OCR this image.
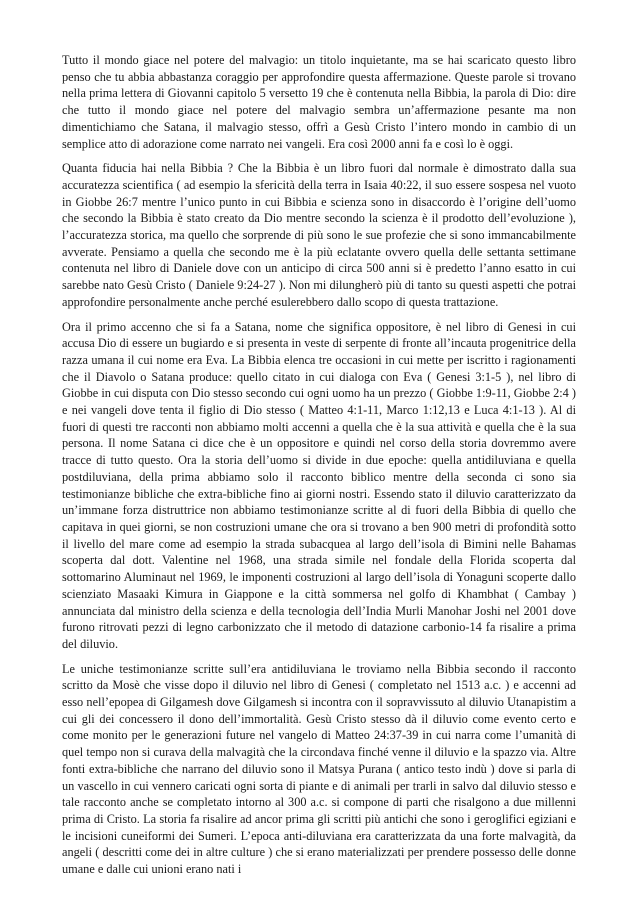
Tutto il mondo giace nel potere del malvagio: un titolo inquietante, ma se hai scaricato questo libro penso che tu abbia abbastanza coraggio per approfondire questa affermazione. Queste parole si trovano nella prima lettera di Giovanni capitolo 5 versetto 19 che è contenuta nella Bibbia, la parola di Dio: dire che tutto il mondo giace nel potere del malvagio sembra un’affermazione pesante ma non dimentichiamo che Satana, il malvagio stesso, offrì a Gesù Cristo l’intero mondo in cambio di un semplice atto di adorazione come narrato nei vangeli. Era così 2000 anni fa e così lo è oggi.

Quanta fiducia hai nella Bibbia ? Che la Bibbia è un libro fuori dal normale è dimostrato dalla sua accuratezza scientifica ( ad esempio la sfericità della terra in Isaia 40:22, il suo essere sospesa nel vuoto in Giobbe 26:7 mentre l’unico punto in cui Bibbia e scienza sono in disaccordo è l’origine dell’uomo che secondo la Bibbia è stato creato da Dio mentre secondo la scienza è il prodotto dell’evoluzione ), l’accuratezza storica, ma quello che sorprende di più sono le sue profezie che si sono immancabilmente avverate. Pensiamo a quella che secondo me è la più eclatante ovvero quella delle settanta settimane contenuta nel libro di Daniele dove con un anticipo di circa 500 anni si è predetto l’anno esatto in cui sarebbe nato Gesù Cristo ( Daniele 9:24-27 ). Non mi dilungherò più di tanto su questi aspetti che potrai approfondire personalmente anche perché esulerebbero dallo scopo di questa trattazione.

Ora il primo accenno che si fa a Satana, nome che significa oppositore, è nel libro di Genesi in cui accusa Dio di essere un bugiardo e si presenta in veste di serpente di fronte all’incauta progenitrice della razza umana il cui nome era Eva. La Bibbia elenca tre occasioni in cui mette per iscritto i ragionamenti che il Diavolo o Satana produce: quello citato in cui dialoga con Eva ( Genesi 3:1-5 ), nel libro di Giobbe in cui disputa con Dio stesso secondo cui ogni uomo ha un prezzo ( Giobbe 1:9-11, Giobbe 2:4 ) e nei vangeli dove tenta il figlio di Dio stesso ( Matteo 4:1-11, Marco 1:12,13 e Luca 4:1-13 ). Al di fuori di questi tre racconti non abbiamo molti accenni a quella che è la sua attività e quella che è la sua persona. Il nome Satana ci dice che è un oppositore e quindi nel corso della storia dovremmo avere tracce di tutto questo. Ora la storia dell’uomo si divide in due epoche: quella antidiluviana e quella postdiluviana, della prima abbiamo solo il racconto biblico mentre della seconda ci sono sia testimonianze bibliche che extra-bibliche fino ai giorni nostri. Essendo stato il diluvio caratterizzato da un’immane forza distruttrice non abbiamo testimonianze scritte al di fuori della Bibbia di quello che capitava in quei giorni, se non costruzioni umane che ora si trovano a ben 900 metri di profondità sotto il livello del mare come ad esempio la strada subacquea al largo dell’isola di Bimini nelle Bahamas scoperta dal dott. Valentine nel 1968, una strada simile nel fondale della Florida scoperta dal sottomarino Aluminaut nel 1969, le imponenti costruzioni al largo dell’isola di Yonaguni scoperte dallo scienziato Masaaki Kimura in Giappone e la città sommersa nel golfo di Khambhat ( Cambay ) annunciata dal ministro della scienza e della tecnologia dell’India Murli Manohar Joshi nel 2001 dove furono ritrovati pezzi di legno carbonizzato che il metodo di datazione carbonio-14 fa risalire a prima del diluvio.

Le uniche testimonianze scritte sull’era antidiluviana le troviamo nella Bibbia secondo il racconto scritto da Mosè che visse dopo il diluvio nel libro di Genesi ( completato nel 1513 a.c. ) e accenni ad esso nell’epopea di Gilgamesh dove Gilgamesh si incontra con il sopravvissuto al diluvio Utanapistim a cui gli dei concessero il dono dell’immortalità. Gesù Cristo stesso dà il diluvio come evento certo e come monito per le generazioni future nel vangelo di Matteo 24:37-39 in cui narra come l’umanità di quel tempo non si curava della malvagità che la circondava finché venne il diluvio e la spazzo via. Altre fonti extra-bibliche che narrano del diluvio sono il Matsya Purana ( antico testo indù ) dove si parla di un vascello in cui vennero caricati ogni sorta di piante e di animali per trarli in salvo dal diluvio stesso e tale racconto anche se completato intorno al 300 a.c. si compone di parti che risalgono a due millenni prima di Cristo. La storia fa risalire ad ancor prima gli scritti più antichi che sono i geroglifici egiziani e le incisioni cuneiformi dei Sumeri. L’epoca anti-diluviana era caratterizzata da una forte malvagità, da angeli ( descritti come dei in altre culture ) che si erano materializzati per prendere possesso delle donne umane e dalle cui unioni erano nati i
